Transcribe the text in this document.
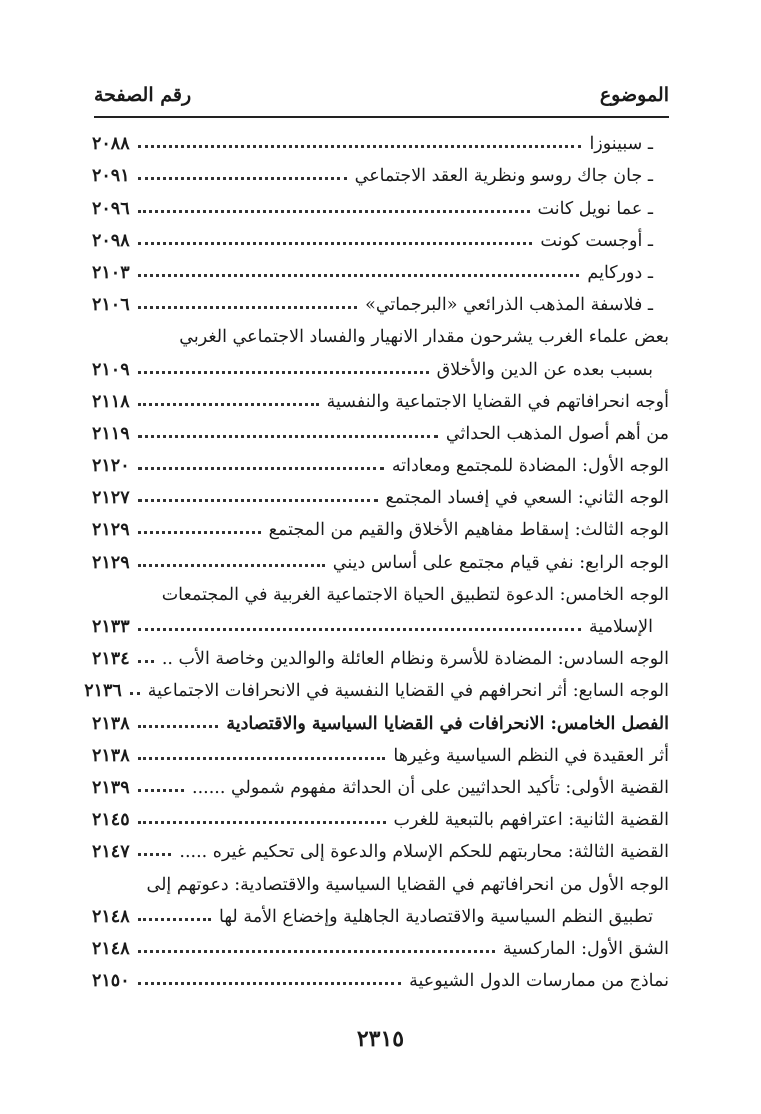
الموضوع
رقم الصفحة
ـ سبينوزا
٢٠٨٨
ـ جان جاك روسو ونظرية العقد الاجتماعي
٢٠٩١
ـ عما نويل كانت
٢٠٩٦
ـ أوجست كونت
٢٠٩٨
ـ دوركايم
٢١٠٣
ـ فلاسفة المذهب الذرائعي «البرجماتي»
٢١٠٦
بعض علماء الغرب يشرحون مقدار الانهيار والفساد الاجتماعي الغربي
بسبب بعده عن الدين والأخلاق
٢١٠٩
أوجه انحرافاتهم في القضايا الاجتماعية والنفسية
٢١١٨
من أهم أصول المذهب الحداثي
٢١١٩
الوجه الأول: المضادة للمجتمع ومعاداته
٢١٢٠
الوجه الثاني: السعي في إفساد المجتمع
٢١٢٧
الوجه الثالث: إسقاط مفاهيم الأخلاق والقيم من المجتمع
٢١٢٩
الوجه الرابع: نفي قيام مجتمع على أساس ديني
٢١٢٩
الوجه الخامس: الدعوة لتطبيق الحياة الاجتماعية الغربية في المجتمعات
الإسلامية
٢١٣٣
الوجه السادس: المضادة للأسرة ونظام العائلة والوالدين وخاصة الأب ..
٢١٣٤
الوجه السابع: أثر انحرافهم في القضايا النفسية في الانحرافات الاجتماعية
٢١٣٦
الفصل الخامس: الانحرافات في القضايا السياسية والاقتصادية
٢١٣٨
أثر العقيدة في النظم السياسية وغيرها
٢١٣٨
القضية الأولى: تأكيد الحداثيين على أن الحداثة مفهوم شمولي ......
٢١٣٩
القضية الثانية: اعترافهم بالتبعية للغرب
٢١٤٥
القضية الثالثة: محاربتهم للحكم الإسلام والدعوة إلى تحكيم غيره .....
٢١٤٧
الوجه الأول من انحرافاتهم في القضايا السياسية والاقتصادية: دعوتهم إلى
تطبيق النظم السياسية والاقتصادية الجاهلية وإخضاع الأمة لها
٢١٤٨
الشق الأول: الماركسية
٢١٤٨
نماذج من ممارسات الدول الشيوعية
٢١٥٠
٢٣١٥
